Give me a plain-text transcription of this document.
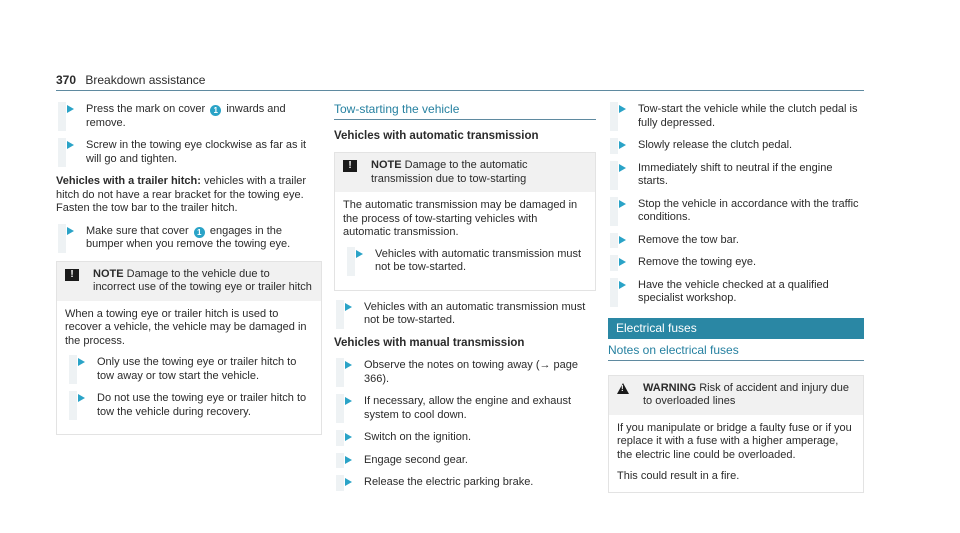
370 Breakdown assistance
Press the mark on cover 1 inwards and remove.
Screw in the towing eye clockwise as far as it will go and tighten.
Vehicles with a trailer hitch: vehicles with a trailer hitch do not have a rear bracket for the towing eye. Fasten the tow bar to the trailer hitch.
Make sure that cover 1 engages in the bumper when you remove the towing eye.
!	NOTE Damage to the vehicle due to incorrect use of the towing eye or trailer hitch
When a towing eye or trailer hitch is used to recover a vehicle, the vehicle may be damaged in the process.
Only use the towing eye or trailer hitch to tow away or tow start the vehicle.
Do not use the towing eye or trailer hitch to tow the vehicle during recovery.
Tow-starting the vehicle
Vehicles with automatic transmission
!	NOTE Damage to the automatic transmission due to tow-starting
The automatic transmission may be damaged in the process of tow-starting vehicles with automatic transmission.
Vehicles with automatic transmission must not be tow-started.
Vehicles with an automatic transmission must not be tow-started.
Vehicles with manual transmission
Observe the notes on towing away (→ page 366).
If necessary, allow the engine and exhaust system to cool down.
Switch on the ignition.
Engage second gear.
Release the electric parking brake.
Tow-start the vehicle while the clutch pedal is fully depressed.
Slowly release the clutch pedal.
Immediately shift to neutral if the engine starts.
Stop the vehicle in accordance with the traffic conditions.
Remove the tow bar.
Remove the towing eye.
Have the vehicle checked at a qualified specialist workshop.
Electrical fuses
Notes on electrical fuses
! WARNING Risk of accident and injury due to overloaded lines
If you manipulate or bridge a faulty fuse or if you replace it with a fuse with a higher amperage, the electric line could be overloaded.
This could result in a fire.
